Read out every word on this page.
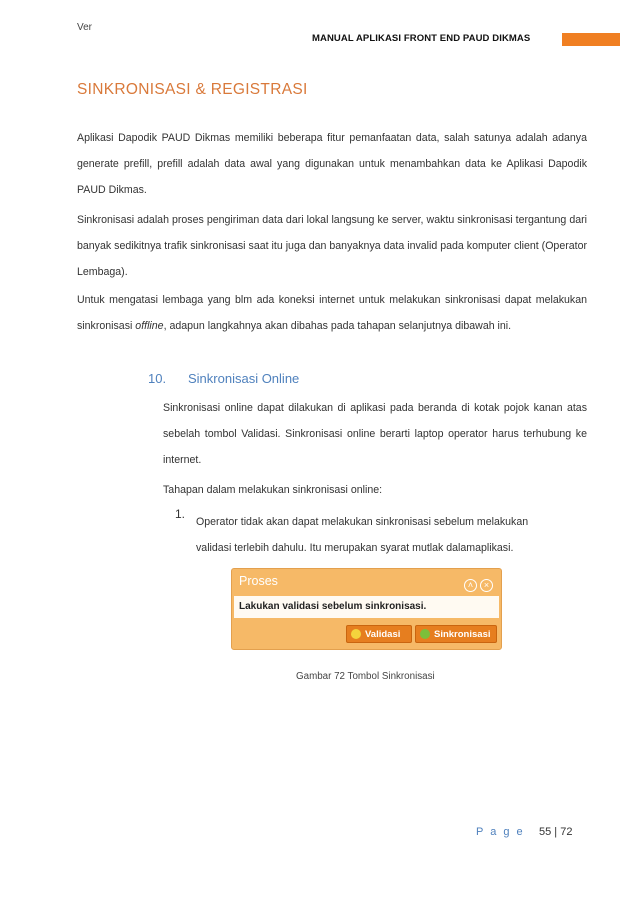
Ver
MANUAL APLIKASI FRONT END PAUD DIKMAS
SINKRONISASI & REGISTRASI
Aplikasi Dapodik PAUD Dikmas memiliki beberapa fitur pemanfaatan data, salah satunya adalah adanya generate prefill, prefill adalah data awal yang digunakan untuk menambahkan data ke Aplikasi Dapodik PAUD Dikmas.
Sinkronisasi adalah proses pengiriman data dari lokal langsung ke server, waktu sinkronisasi tergantung dari banyak sedikitnya trafik sinkronisasi saat itu juga dan banyaknya data invalid pada komputer client (Operator Lembaga).
Untuk mengatasi lembaga yang blm ada koneksi internet untuk melakukan sinkronisasi dapat melakukan sinkronisasi offline, adapun langkahnya akan dibahas pada tahapan selanjutnya dibawah ini.
10. Sinkronisasi Online
Sinkronisasi online dapat dilakukan di aplikasi pada beranda di kotak pojok kanan atas sebelah tombol Validasi. Sinkronisasi online berarti laptop operator harus terhubung ke internet.
Tahapan dalam melakukan sinkronisasi online:
1.
Operator tidak akan dapat melakukan sinkronisasi sebelum melakukan validasi terlebih dahulu. Itu merupakan syarat mutlak dalamaplikasi.
Proses	˄ ×
Lakukan validasi sebelum sinkronisasi.
Validasi	Sinkronisasi
Gambar 72 Tombol Sinkronisasi
P a g e 55 | 72
